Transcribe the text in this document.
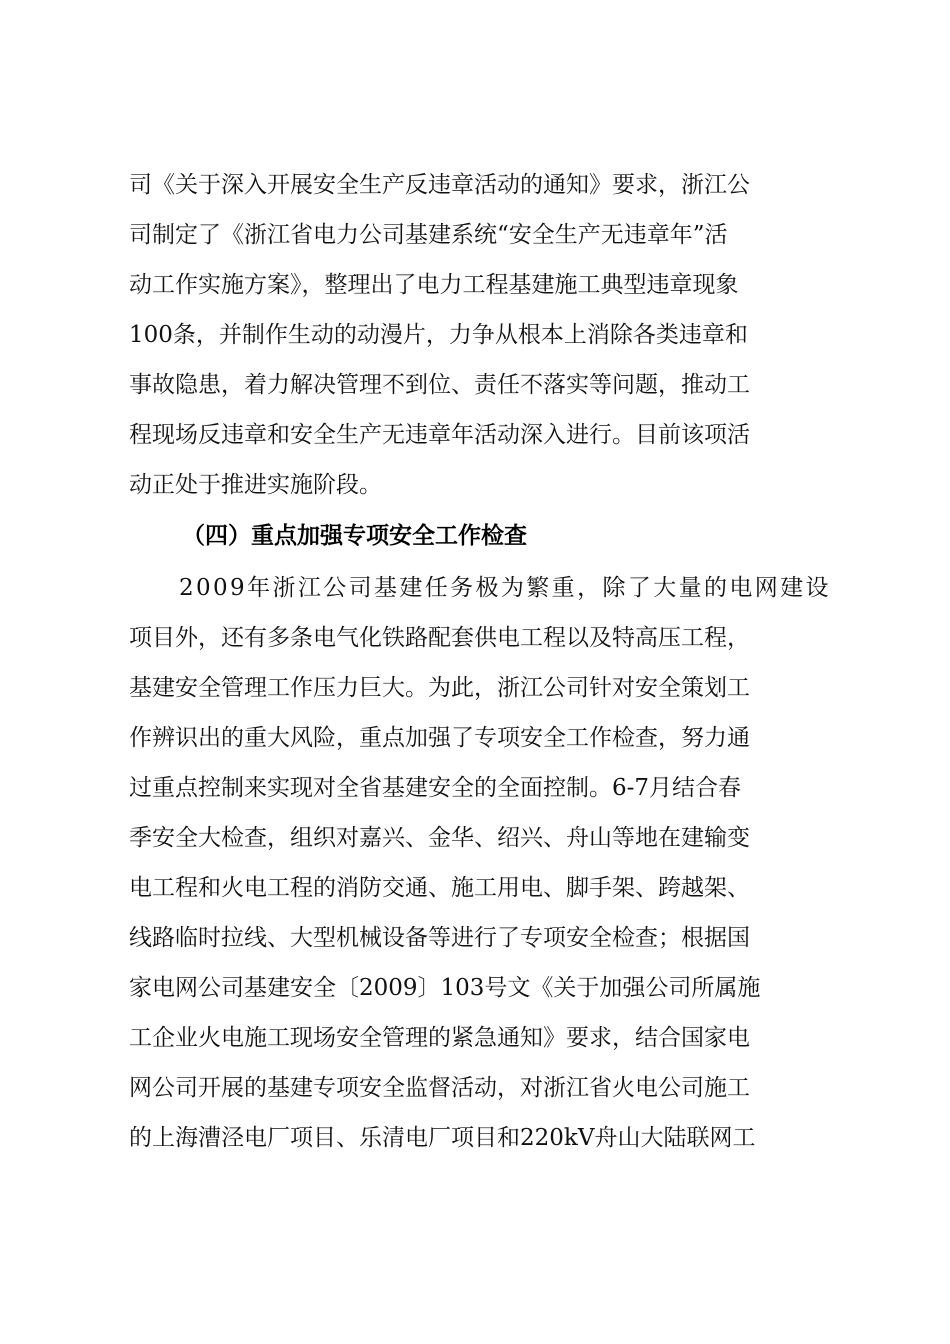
司《关于深入开展安全生产反违章活动的通知》要求，浙江公
司制定了《浙江省电力公司基建系统“安全生产无违章年”活
动工作实施方案》，整理出了电力工程基建施工典型违章现象
100条，并制作生动的动漫片，力争从根本上消除各类违章和
事故隐患，着力解决管理不到位、责任不落实等问题，推动工
程现场反违章和安全生产无违章年活动深入进行。目前该项活
动正处于推进实施阶段。
（四）重点加强专项安全工作检查
2009年浙江公司基建任务极为繁重，除了大量的电网建设
项目外，还有多条电气化铁路配套供电工程以及特高压工程，
基建安全管理工作压力巨大。为此，浙江公司针对安全策划工
作辨识出的重大风险，重点加强了专项安全工作检查，努力通
过重点控制来实现对全省基建安全的全面控制。6-7月结合春
季安全大检查，组织对嘉兴、金华、绍兴、舟山等地在建输变
电工程和火电工程的消防交通、施工用电、脚手架、跨越架、
线路临时拉线、大型机械设备等进行了专项安全检查；根据国
家电网公司基建安全〔2009〕103号文《关于加强公司所属施
工企业火电施工现场安全管理的紧急通知》要求，结合国家电
网公司开展的基建专项安全监督活动，对浙江省火电公司施工
的上海漕泾电厂项目、乐清电厂项目和220kV舟山大陆联网工
